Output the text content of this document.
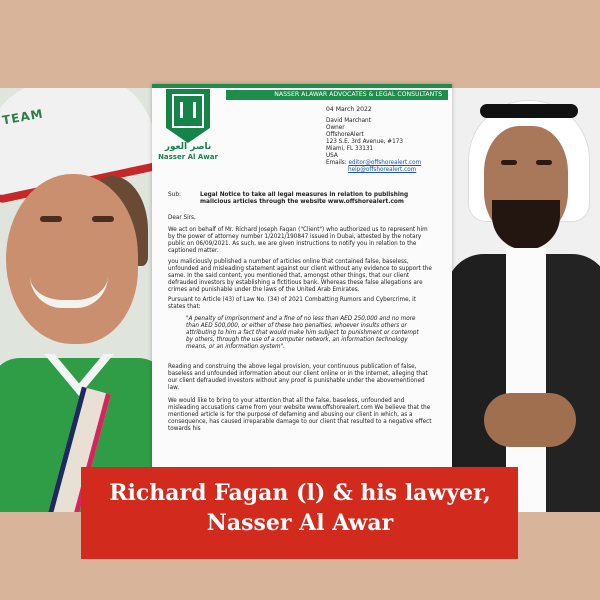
TEAM
NASSER ALAWAR ADVOCATES & LEGAL CONSULTANTS
ناصر العور
Nasser Al Awar
04 March 2022
David Marchant
Owner
OffshoreAlert
123 S.E. 3rd Avenue, #173
Miami, FL 33131
USA
Emails: editor@offshorealert.com
help@offshorealert.com
Sub:	Legal Notice to take all legal measures in relation to publishing malicious articles through the website www.offshorealert.com
Dear Sirs,
We act on behalf of Mr. Richard Joseph Fagan ("Client") who authorized us to represent him by the power of attorney number 1/2021/190847 issued in Dubai, attested by the notary public on 06/09/2021. As such, we are given instructions to notify you in relation to the captioned matter.
you maliciously published a number of articles online that contained false, baseless, unfounded and misleading statement against our client without any evidence to support the same. In the said content, you mentioned that, amongst other things, that our client defrauded investors by establishing a fictitious bank. Whereas these false allegations are crimes and punishable under the laws of the United Arab Emirates.
Pursuant to Article (43) of Law No. (34) of 2021 Combatting Rumors and Cybercrime, it states that:
"A penalty of imprisonment and a fine of no less than AED 250,000 and no more than AED 500,000, or either of these two penalties, whoever insults others or attributing to him a fact that would make him subject to punishment or contempt by others, through the use of a computer network, an information technology means, or an information system".
Reading and construing the above legal provision, your continuous publication of false, baseless and unfounded information about our client online or in the internet, alleging that our client defrauded investors without any proof is punishable under the abovementioned law.
We would like to bring to your attention that all the false, baseless, unfounded and misleading accusations came from your website www.offshorealert.com We believe that the mentioned article is for the purpose of defaming and abusing our client in which, as a consequence, has caused irreparable damage to our client that resulted to a negative effect towards his
Richard Fagan (l) & his lawyer,
Nasser Al Awar
